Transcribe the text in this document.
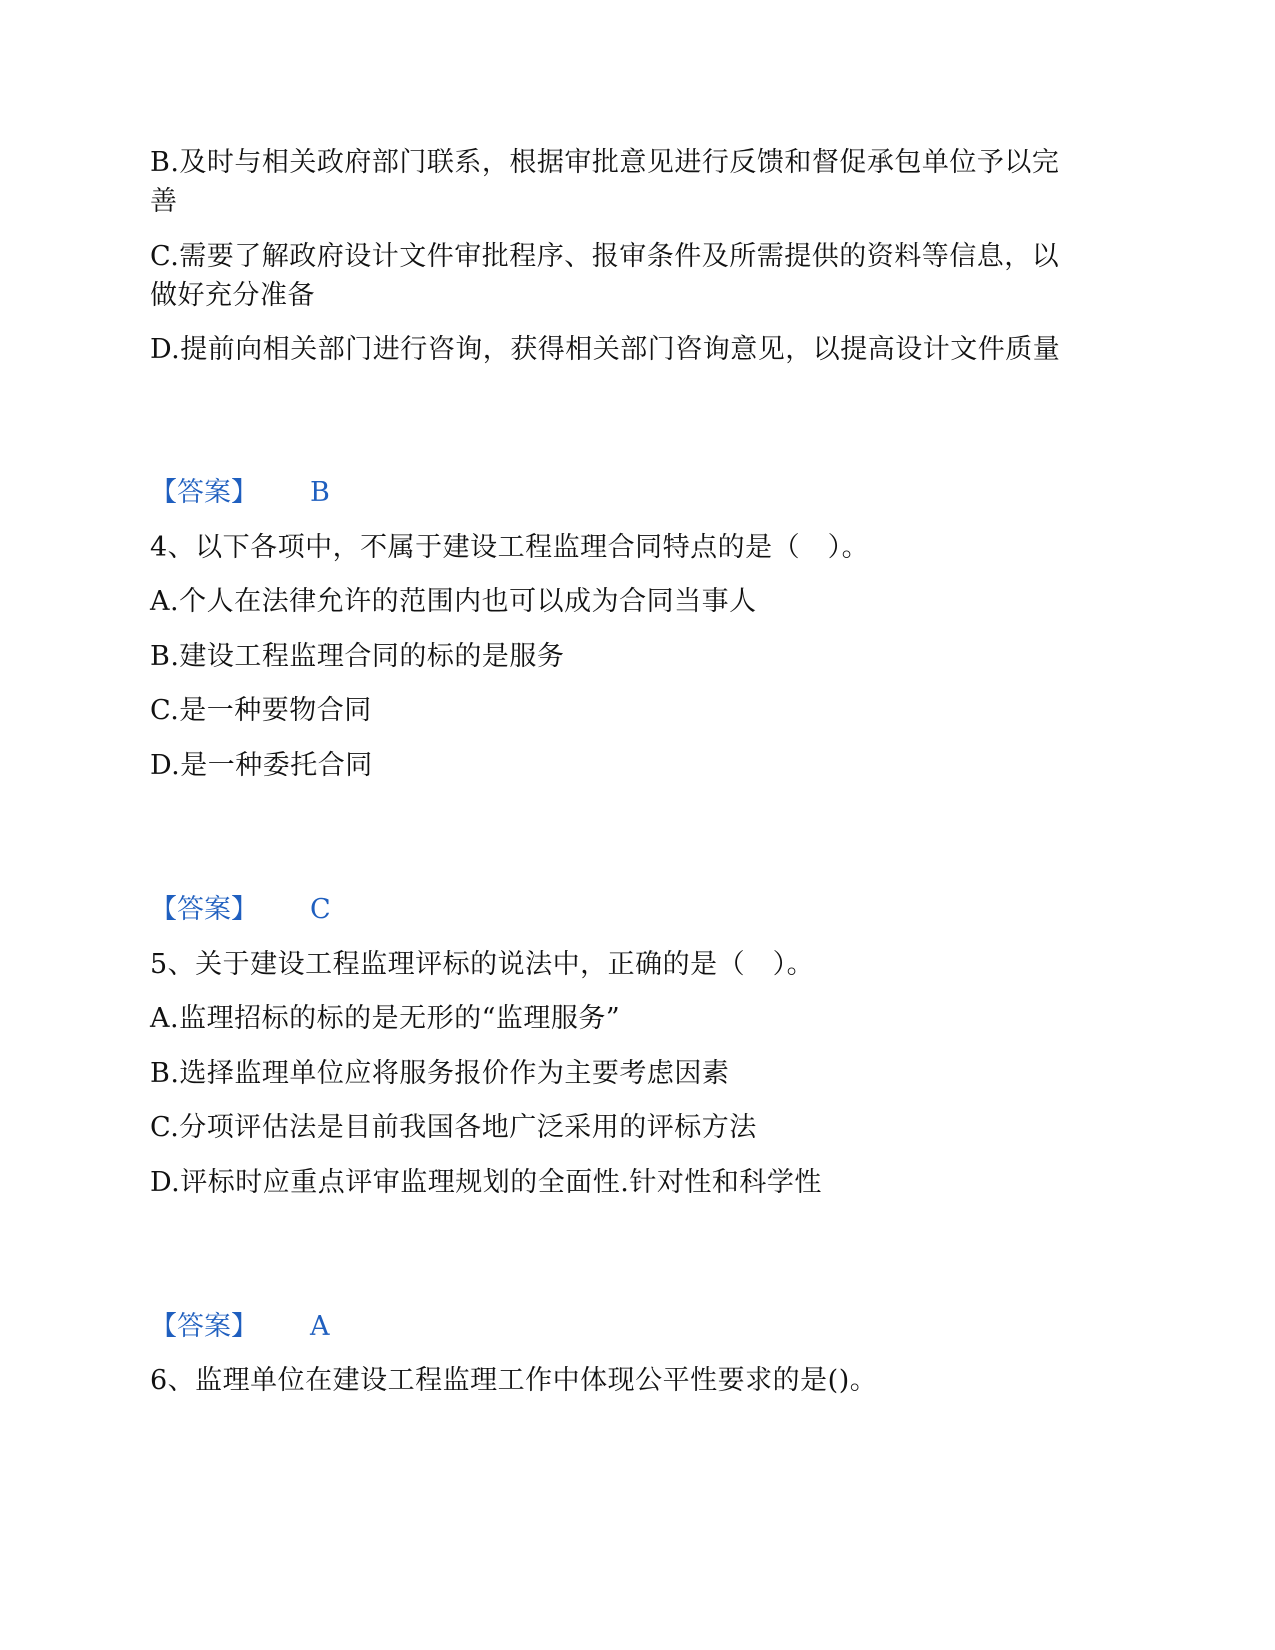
B.及时与相关政府部门联系，根据审批意见进行反馈和督促承包单位予以完
善
C.需要了解政府设计文件审批程序、报审条件及所需提供的资料等信息，以
做好充分准备
D.提前向相关部门进行咨询，获得相关部门咨询意见，以提高设计文件质量
【答案】 B
4、以下各项中，不属于建设工程监理合同特点的是（　）。
A.个人在法律允许的范围内也可以成为合同当事人
B.建设工程监理合同的标的是服务
C.是一种要物合同
D.是一种委托合同
【答案】 C
5、关于建设工程监理评标的说法中，正确的是（　）。
A.监理招标的标的是无形的“监理服务”
B.选择监理单位应将服务报价作为主要考虑因素
C.分项评估法是目前我国各地广泛采用的评标方法
D.评标时应重点评审监理规划的全面性.针对性和科学性
【答案】 A
6、监理单位在建设工程监理工作中体现公平性要求的是()。
